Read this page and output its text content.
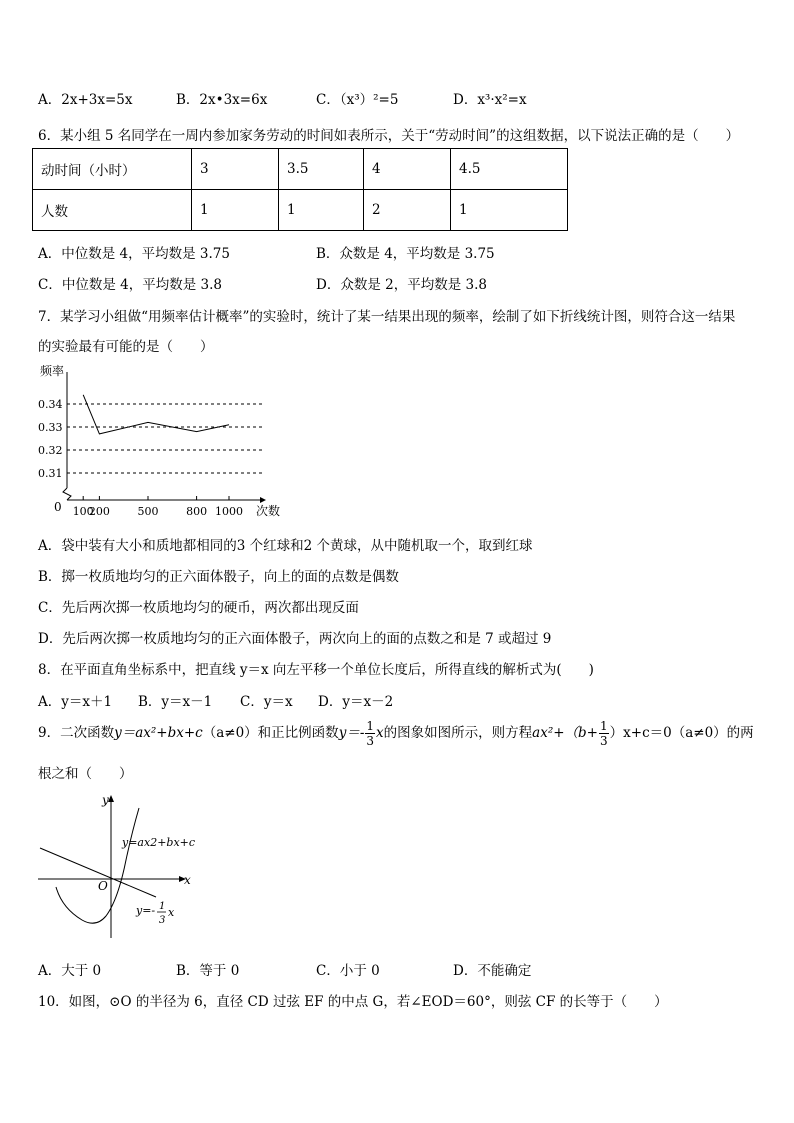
A．2x+3x=5x	B．2x•3x=6x	C．（x³）²=5	D．x³·x²=x
6．某小组 5 名同学在一周内参加家务劳动的时间如表所示，关于“劳动时间”的这组数据，以下说法正确的是（　　）
动时间（小时）	3	3.5	4	4.5
人数	1	1	2	1
A．中位数是 4，平均数是 3.75	B．众数是 4，平均数是 3.75
C．中位数是 4，平均数是 3.8	D．众数是 2，平均数是 3.8
7．某学习小组做“用频率估计概率”的实验时，统计了某一结果出现的频率，绘制了如下折线统计图，则符合这一结果
的实验最有可能的是（　　）
0.34
0.33
0.32
0.31
100
200	500	800 1000
频率
次数
0
A．袋中装有大小和质地都相同的3 个红球和2 个黄球，从中随机取一个，取到红球
B．掷一枚质地均匀的正六面体骰子，向上的面的点数是偶数
C．先后两次掷一枚质地均匀的硬币，两次都出现反面
D．先后两次掷一枚质地均匀的正六面体骰子，两次向上的面的点数之和是 7 或超过 9
8．在平面直角坐标系中，把直线 y＝x 向左平移一个单位长度后，所得直线的解析式为(　　)
A．y＝x＋1 B．y＝x－1 C．y＝x D．y＝x－2
9．二次函数y＝ax²+bx+c（a≠0）和正比例函数$y=- \frac{1}{3}$ x的图象如图所示，则方程$ax^2+(b+ \frac{1}{3} )x+c=0(a\ne 0)$的两
根之和（　　）
y
x
O
y=ax2+bx+c
y=- 1
3
x
A．大于 0	B．等于 0	C．小于 0	D．不能确定
10．如图，⊙O 的半径为 6，直径 CD 过弦 EF 的中点 G，若∠EOD＝60°，则弦 CF 的长等于（　　）
